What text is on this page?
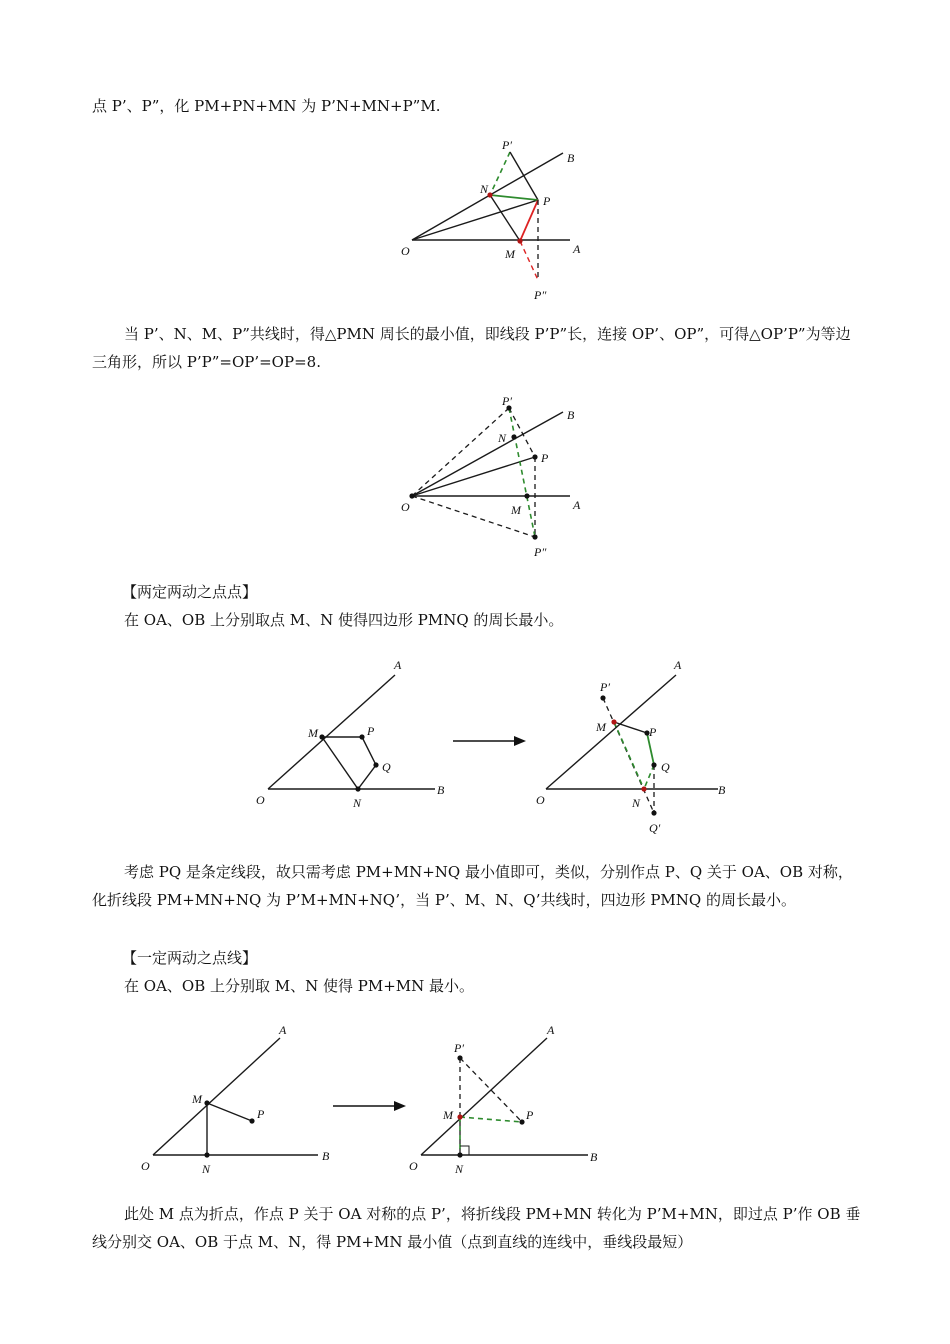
点 P’、P”，化 PM+PN+MN 为 P’N+MN+P”M.

P′
B
N
P
O	M	A
P″

当 P’、N、M、P”共线时，得△PMN 周长的最小值，即线段 P’P”长，连接 OP’、OP”，可得△OP’P”为等边三角形，所以 P’P”=OP’=OP=8.

P′
B
N
P
O	M	A
P″

【两定两动之点点】

在 OA、OB 上分别取点 M、N 使得四边形 PMNQ 的周长最小。

A
M	P
Q
O	N
B
P′
A
M	P
Q
O	N
B
Q′

考虑 PQ 是条定线段，故只需考虑 PM+MN+NQ 最小值即可，类似，分别作点 P、Q 关于 OA、OB 对称，化折线段 PM+MN+NQ 为 P’M+MN+NQ’，当 P’、M、N、Q’共线时，四边形 PMNQ 的周长最小。

【一定两动之点线】

在 OA、OB 上分别取 M、N 使得 PM+MN 最小。

A
M
P
O	N
B
P′
A
M	P
O	N
B

此处 M 点为折点，作点 P 关于 OA 对称的点 P’，将折线段 PM+MN 转化为 P’M+MN，即过点 P’作 OB 垂线分别交 OA、OB 于点 M、N，得 PM+MN 最小值（点到直线的连线中，垂线段最短）
